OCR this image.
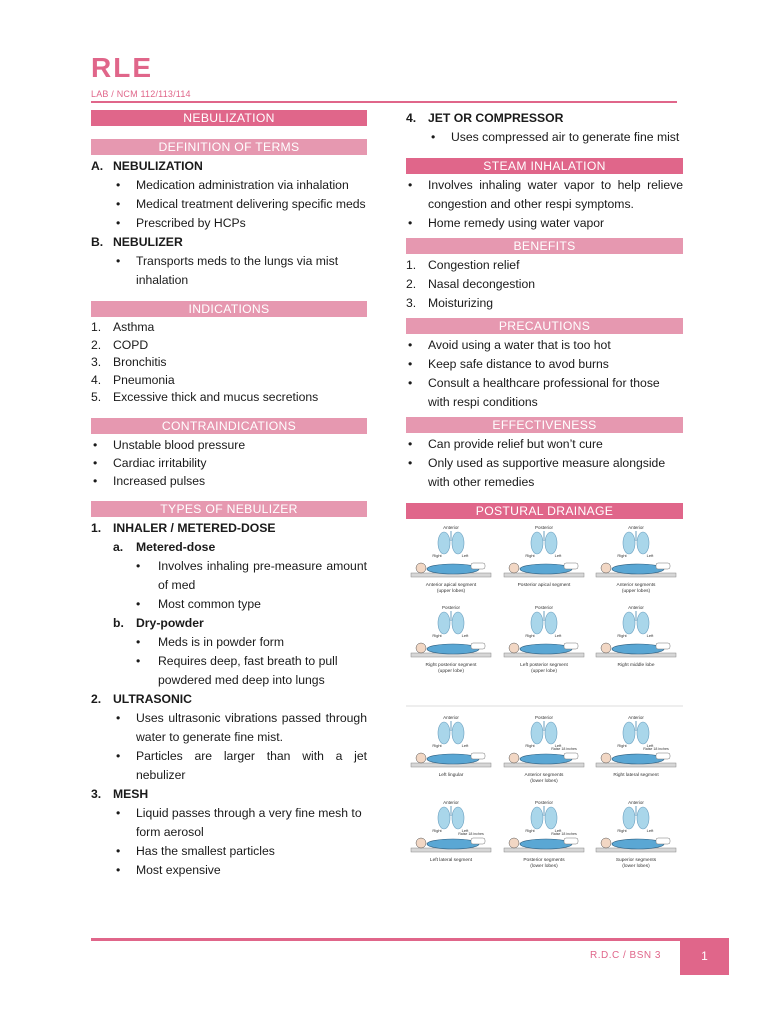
RLE
LAB / NCM 112/113/114
NEBULIZATION
DEFINITION OF TERMS
A. NEBULIZATION
• Medication administration via inhalation
• Medical treatment delivering specific meds
• Prescribed by HCPs
B. NEBULIZER
• Transports meds to the lungs via mist inhalation
INDICATIONS
1. Asthma
2. COPD
3. Bronchitis
4. Pneumonia
5. Excessive thick and mucus secretions
CONTRAINDICATIONS
• Unstable blood pressure
• Cardiac irritability
• Increased pulses
TYPES OF NEBULIZER
1. INHALER / METERED-DOSE
a. Metered-dose
• Involves inhaling pre-measure amount of med
• Most common type
b. Dry-powder
• Meds is in powder form
• Requires deep, fast breath to pull powdered med deep into lungs
2. ULTRASONIC
• Uses ultrasonic vibrations passed through water to generate fine mist.
• Particles are larger than with a jet nebulizer
3. MESH
• Liquid passes through a very fine mesh to form aerosol
• Has the smallest particles
• Most expensive
4. JET OR COMPRESSOR
• Uses compressed air to generate fine mist
STEAM INHALATION
• Involves inhaling water vapor to help relieve congestion and other respi symptoms.
• Home remedy using water vapor
BENEFITS
1. Congestion relief
2. Nasal decongestion
3. Moisturizing
PRECAUTIONS
• Avoid using a water that is too hot
• Keep safe distance to avod burns
• Consult a healthcare professional for those with respi conditions
EFFECTIVENESS
• Can provide relief but won’t cure
• Only used as supportive measure alongside with other remedies
POSTURAL DRAINAGE
Anterior
Right	Left
Anterior apical segment
(upper lobes)
Posterior
Right	Left
Posterior apical segment
Anterior
Right	Left
Anterior segments
(upper lobes)
Posterior
Right	Left
Right posterior segment
(upper lobe)
Posterior
Right	Left
Left posterior segment
(upper lobe)
Anterior
Right	Left
Right middle lobe
Anterior
Right	Left
Left lingular
Posterior
Right	Left
Raise 18 inches
Anterior segments
(lower lobes)
Anterior
Right	Left
Raise 18 inches
Right lateral segment
Anterior
Right	Left
Raise 18 inches
Left lateral segment
Posterior
Right	Left
Raise 18 inches
Posterior segments
(lower lobes)
Anterior
Right	Left
Superior segments
(lower lobes)
R.D.C / BSN 3	1
